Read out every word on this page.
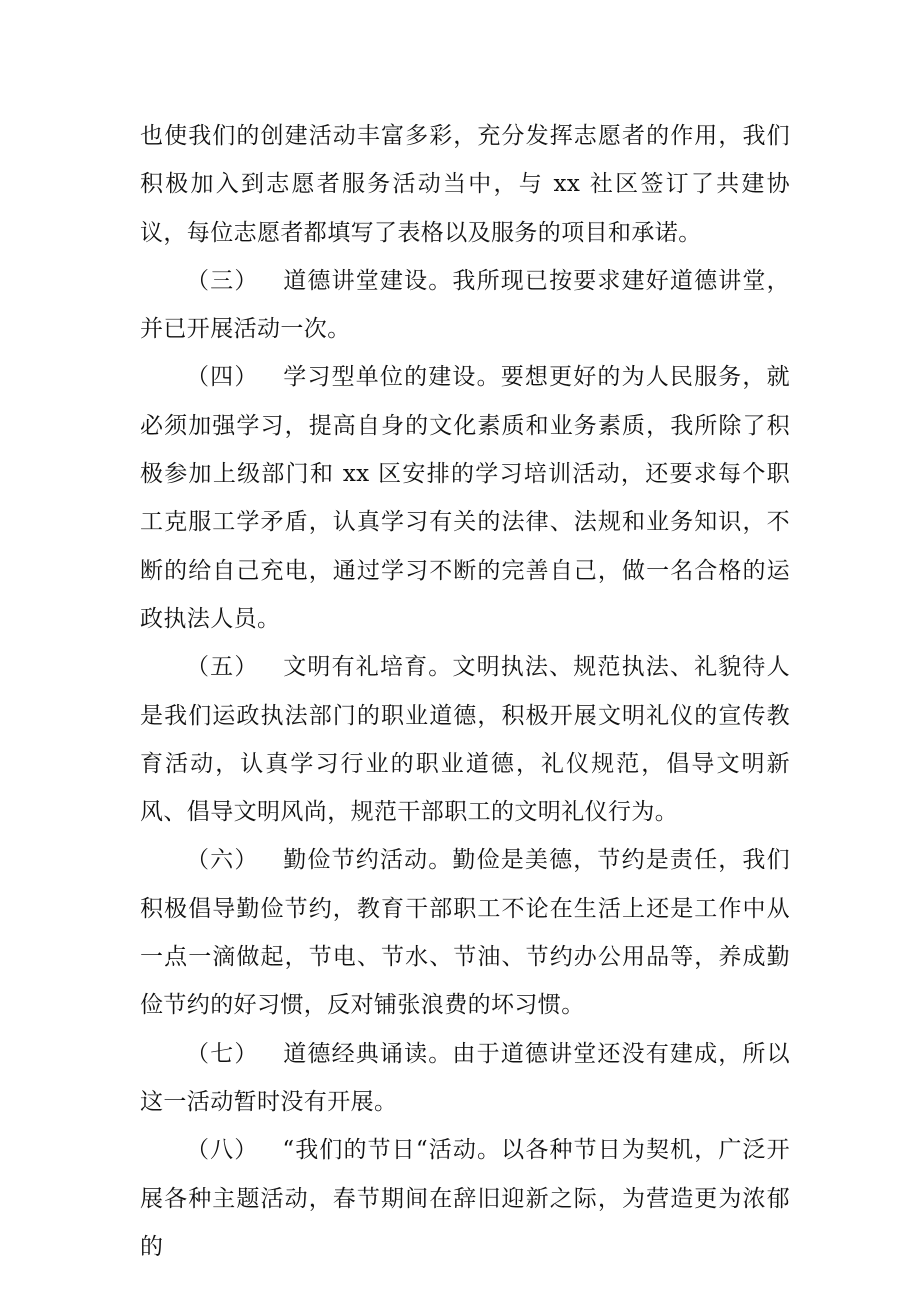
也使我们的创建活动丰富多彩，充分发挥志愿者的作用，我们积极加入到志愿者服务活动当中，与 xx 社区签订了共建协议，每位志愿者都填写了表格以及服务的项目和承诺。

（三） 道德讲堂建设。我所现已按要求建好道德讲堂，并已开展活动一次。

（四） 学习型单位的建设。要想更好的为人民服务，就必须加强学习，提高自身的文化素质和业务素质，我所除了积极参加上级部门和 xx 区安排的学习培训活动，还要求每个职工克服工学矛盾，认真学习有关的法律、法规和业务知识，不断的给自己充电，通过学习不断的完善自己，做一名合格的运政执法人员。

（五） 文明有礼培育。文明执法、规范执法、礼貌待人是我们运政执法部门的职业道德，积极开展文明礼仪的宣传教育活动，认真学习行业的职业道德，礼仪规范，倡导文明新风、倡导文明风尚，规范干部职工的文明礼仪行为。

（六） 勤俭节约活动。勤俭是美德，节约是责任，我们积极倡导勤俭节约，教育干部职工不论在生活上还是工作中从一点一滴做起，节电、节水、节油、节约办公用品等，养成勤俭节约的好习惯，反对铺张浪费的坏习惯。

（七） 道德经典诵读。由于道德讲堂还没有建成，所以这一活动暂时没有开展。

（八） “我们的节日“活动。以各种节日为契机，广泛开展各种主题活动，春节期间在辞旧迎新之际，为营造更为浓郁的
